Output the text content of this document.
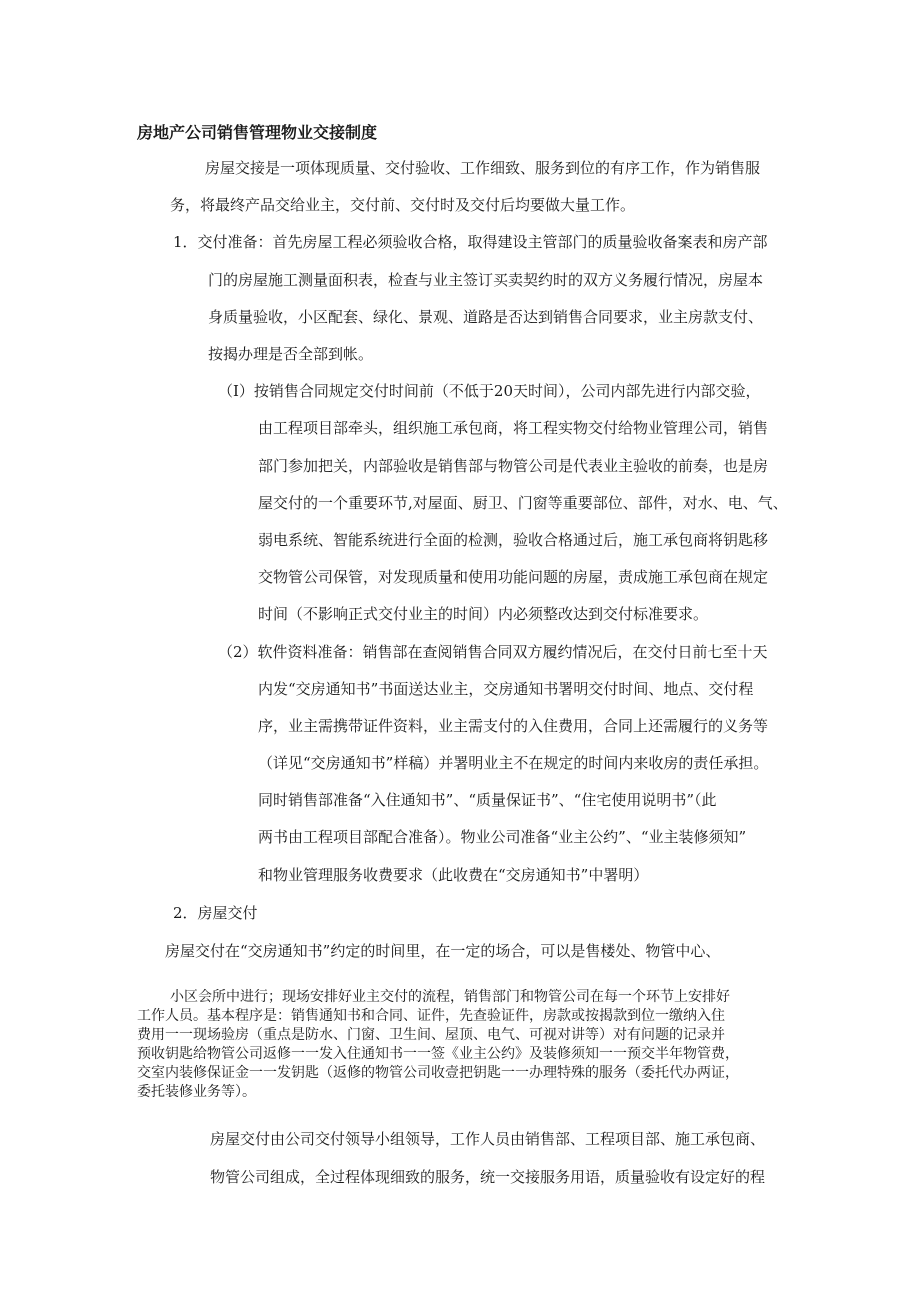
房地产公司销售管理物业交接制度
房屋交接是一项体现质量、交付验收、工作细致、服务到位的有序工作，作为销售服
务，将最终产品交给业主，交付前、交付时及交付后均要做大量工作。
1．交付准备：首先房屋工程必须验收合格，取得建设主管部门的质量验收备案表和房产部
门的房屋施工测量面积表，检查与业主签订买卖契约时的双方义务履行情况，房屋本
身质量验收，小区配套、绿化、景观、道路是否达到销售合同要求，业主房款支付、
按揭办理是否全部到帐。
（I）按销售合同规定交付时间前（不低于20天时间），公司内部先进行内部交验，
由工程项目部牵头，组织施工承包商，将工程实物交付给物业管理公司，销售
部门参加把关，内部验收是销售部与物管公司是代表业主验收的前奏，也是房
屋交付的一个重要环节,对屋面、厨卫、门窗等重要部位、部件，对水、电、气、
弱电系统、智能系统进行全面的检测，验收合格通过后，施工承包商将钥匙移
交物管公司保管，对发现质量和使用功能问题的房屋，责成施工承包商在规定
时间（不影响正式交付业主的时间）内必须整改达到交付标准要求。
（2）软件资料准备：销售部在查阅销售合同双方履约情况后，在交付日前七至十天
内发“交房通知书”书面送达业主，交房通知书署明交付时间、地点、交付程
序，业主需携带证件资料，业主需支付的入住费用，合同上还需履行的义务等
（详见“交房通知书”样稿）并署明业主不在规定的时间内来收房的责任承担。
同时销售部准备“入住通知书”、“质量保证书”、“住宅使用说明书”（此
两书由工程项目部配合准备）。物业公司准备“业主公约”、“业主装修须知”
和物业管理服务收费要求（此收费在“交房通知书”中署明）
2．房屋交付
房屋交付在“交房通知书”约定的时间里，在一定的场合，可以是售楼处、物管中心、
小区会所中进行；现场安排好业主交付的流程，销售部门和物管公司在每一个环节上安排好
工作人员。基本程序是：销售通知书和合同、证件，先查验证件，房款或按揭款到位一缴纳入住
费用一一现场验房（重点是防水、门窗、卫生间、屋顶、电气、可视对讲等）对有问题的记录并
预收钥匙给物管公司返修一一发入住通知书一一签《业主公约》及装修须知一一预交半年物管费，
交室内装修保证金一一发钥匙（返修的物管公司收壹把钥匙一一办理特殊的服务（委托代办两证，
委托装修业务等）。
房屋交付由公司交付领导小组领导，工作人员由销售部、工程项目部、施工承包商、
物管公司组成，全过程体现细致的服务，统一交接服务用语，质量验收有设定好的程
